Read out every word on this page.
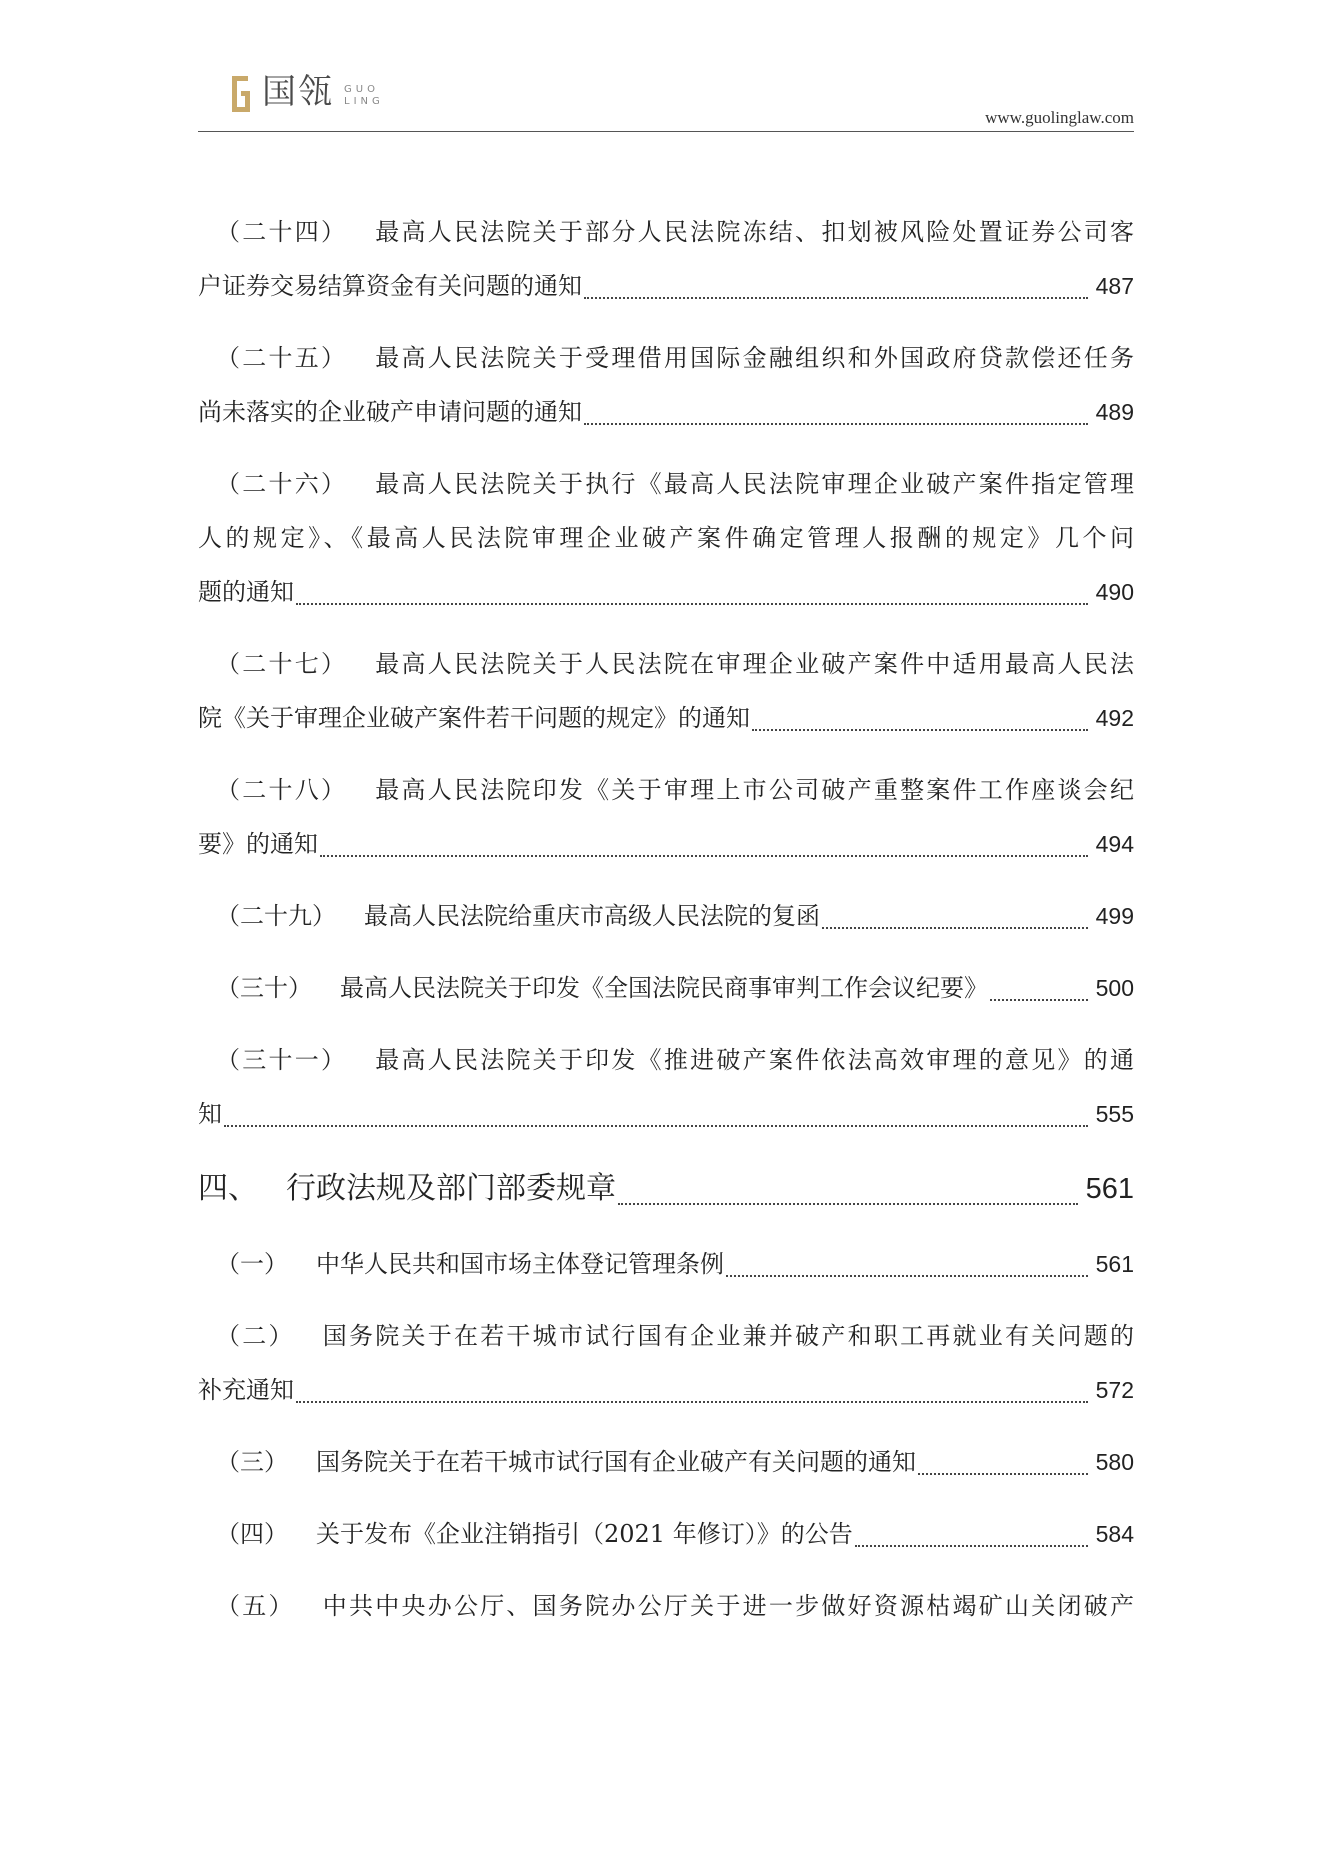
国瓴 GUO
LING
www.guolinglaw.com
（二十四） 最高人民法院关于部分人民法院冻结、扣划被风险处置证券公司客
户证券交易结算资金有关问题的通知	487
（二十五） 最高人民法院关于受理借用国际金融组织和外国政府贷款偿还任务
尚未落实的企业破产申请问题的通知	489
（二十六） 最高人民法院关于执行《最高人民法院审理企业破产案件指定管理
人的规定》、《最高人民法院审理企业破产案件确定管理人报酬的规定》几个问
题的通知	490
（二十七） 最高人民法院关于人民法院在审理企业破产案件中适用最高人民法
院《关于审理企业破产案件若干问题的规定》的通知	492
（二十八） 最高人民法院印发《关于审理上市公司破产重整案件工作座谈会纪
要》的通知	494
（二十九） 最高人民法院给重庆市高级人民法院的复函	499
（三十） 最高人民法院关于印发《全国法院民商事审判工作会议纪要》	500
（三十一） 最高人民法院关于印发《推进破产案件依法高效审理的意见》的通
知	555
四、 行政法规及部门部委规章	561
（一） 中华人民共和国市场主体登记管理条例	561
（二） 国务院关于在若干城市试行国有企业兼并破产和职工再就业有关问题的
补充通知	572
（三） 国务院关于在若干城市试行国有企业破产有关问题的通知	580
（四） 关于发布《企业注销指引（2021 年修订）》的公告	584
（五） 中共中央办公厅、国务院办公厅关于进一步做好资源枯竭矿山关闭破产
